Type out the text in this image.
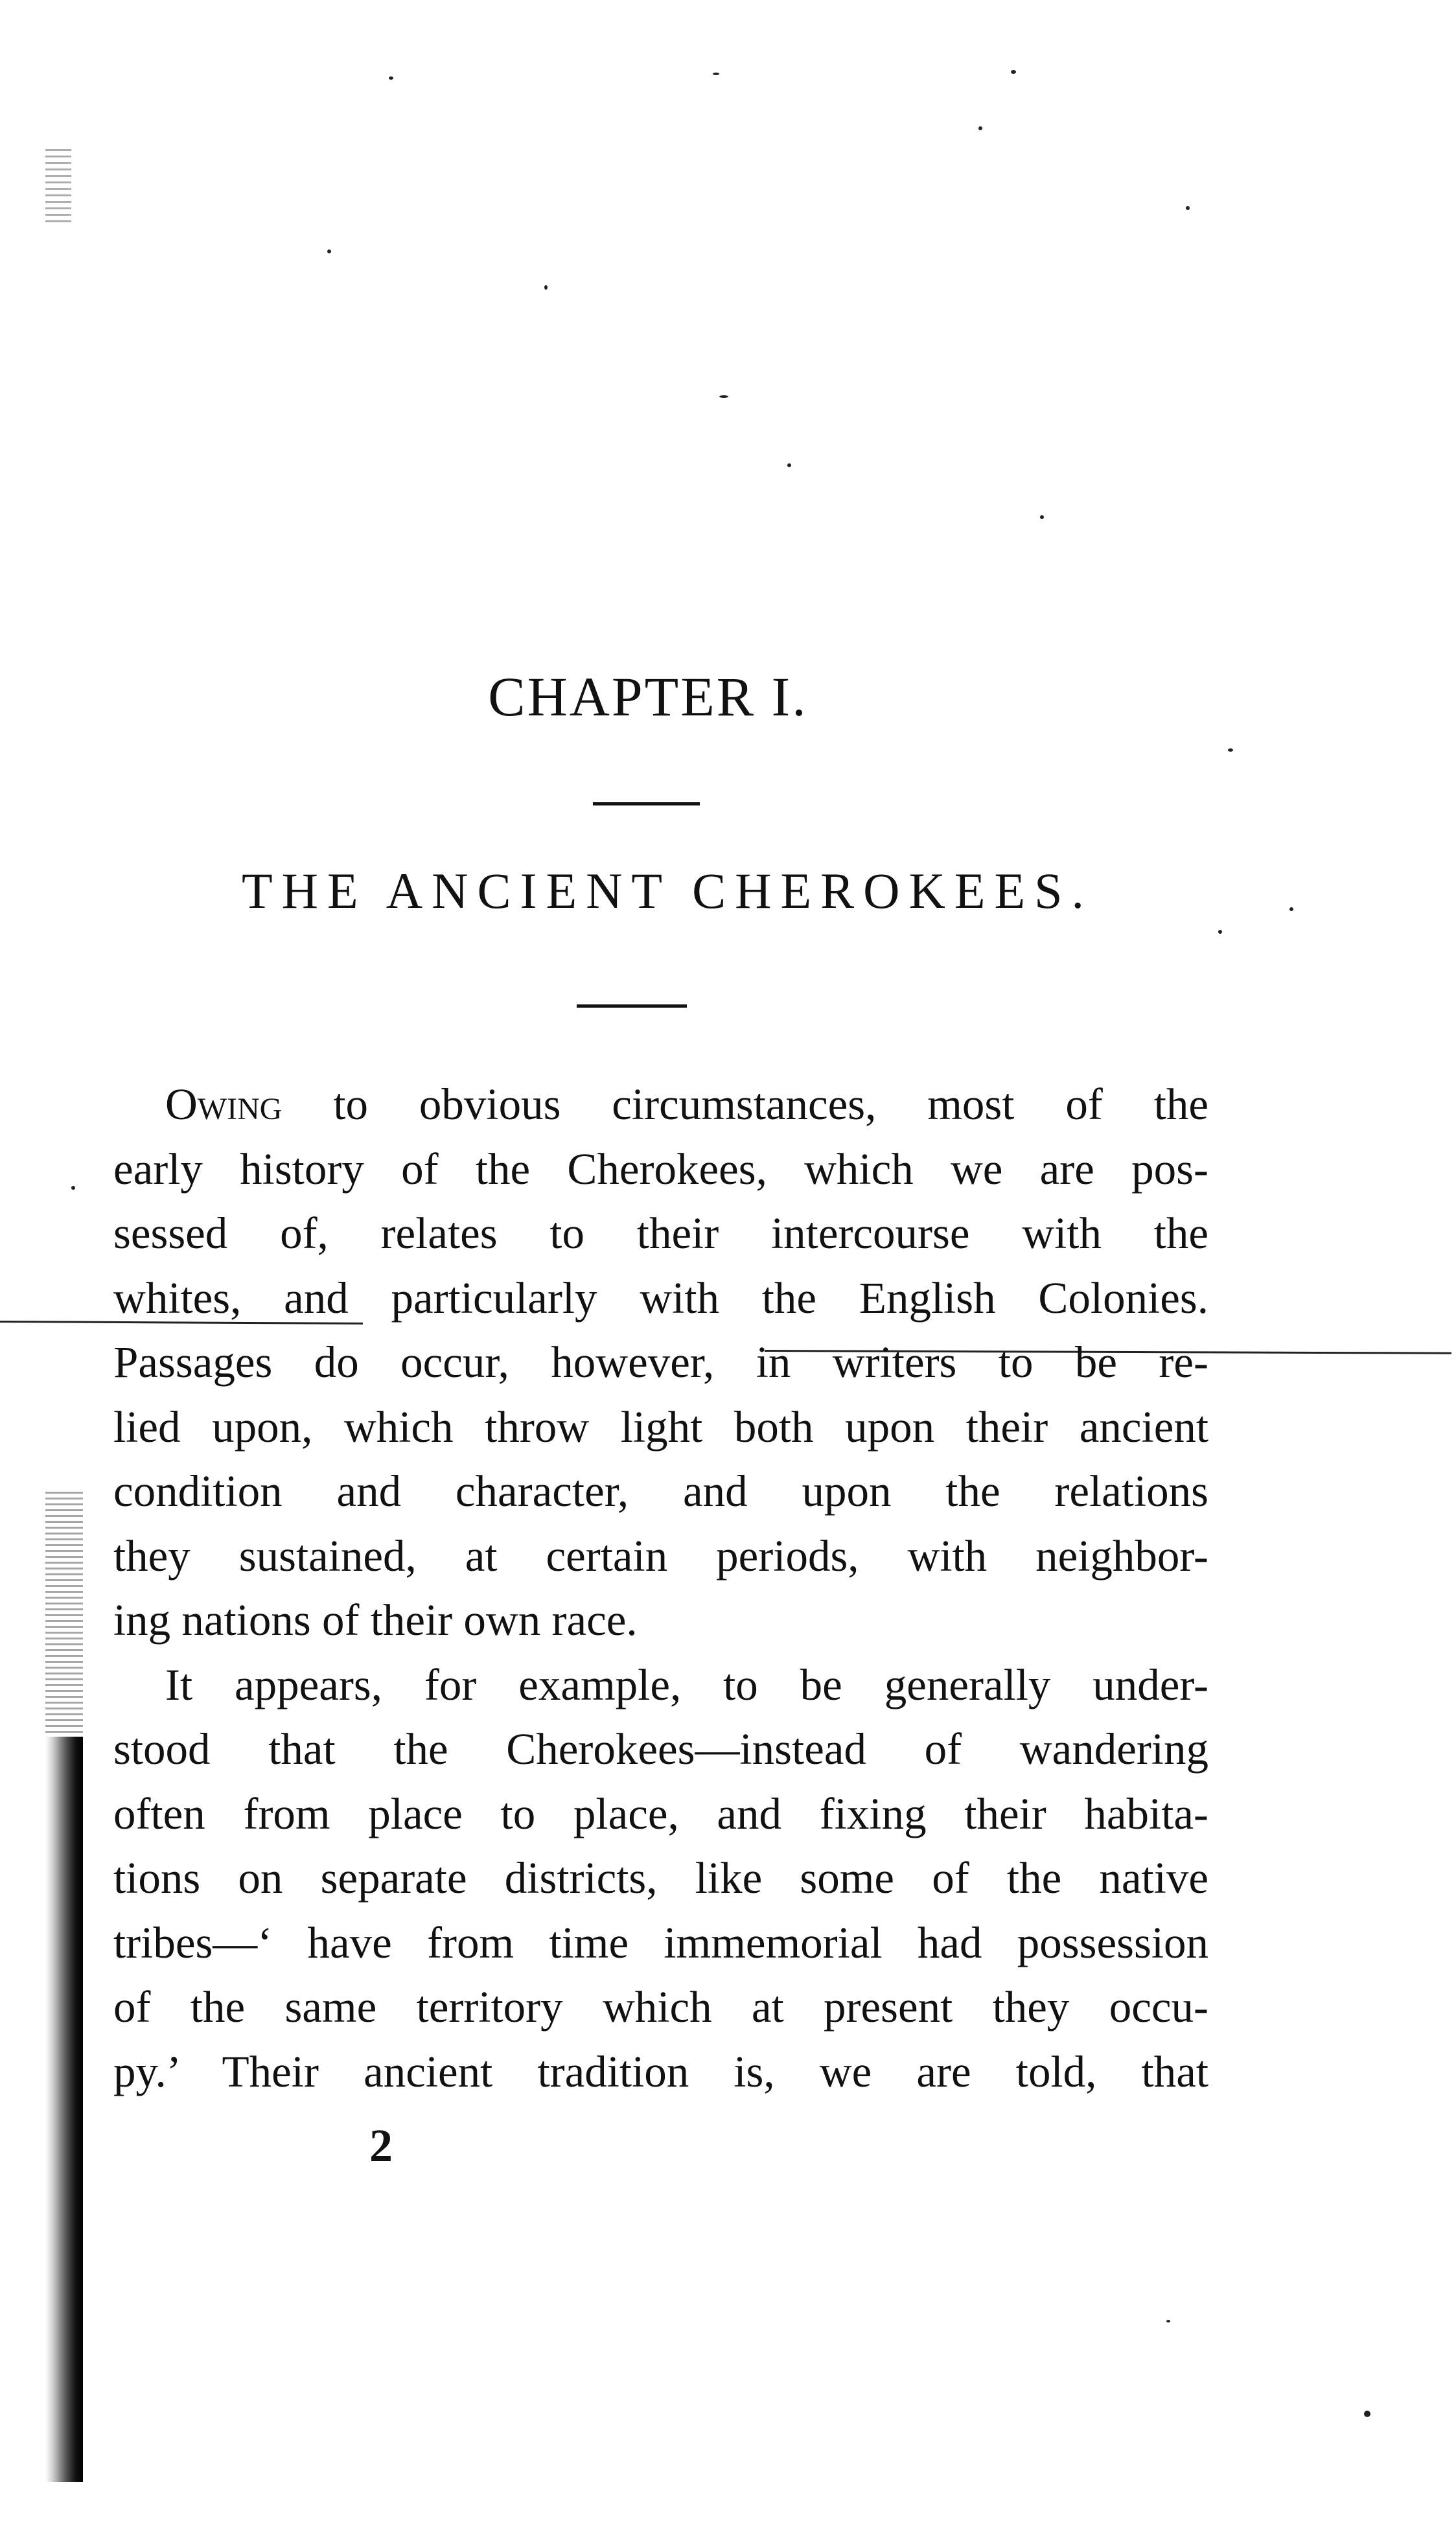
CHAPTER I.
THE ANCIENT CHEROKEES.
Owing to obvious circumstances, most of the
early history of the Cherokees, which we are pos-
sessed of, relates to their intercourse with the
whites, and particularly with the English Colonies.
Passages do occur, however, in writers to be re-
lied upon, which throw light both upon their ancient
condition and character, and upon the relations
they sustained, at certain periods, with neighbor-
ing nations of their own race.
It appears, for example, to be generally under-
stood that the Cherokees—instead of wandering
often from place to place, and fixing their habita-
tions on separate districts, like some of the native
tribes—‘ have from time immemorial had possession
of the same territory which at present they occu-
py.’ Their ancient tradition is, we are told, that
2
